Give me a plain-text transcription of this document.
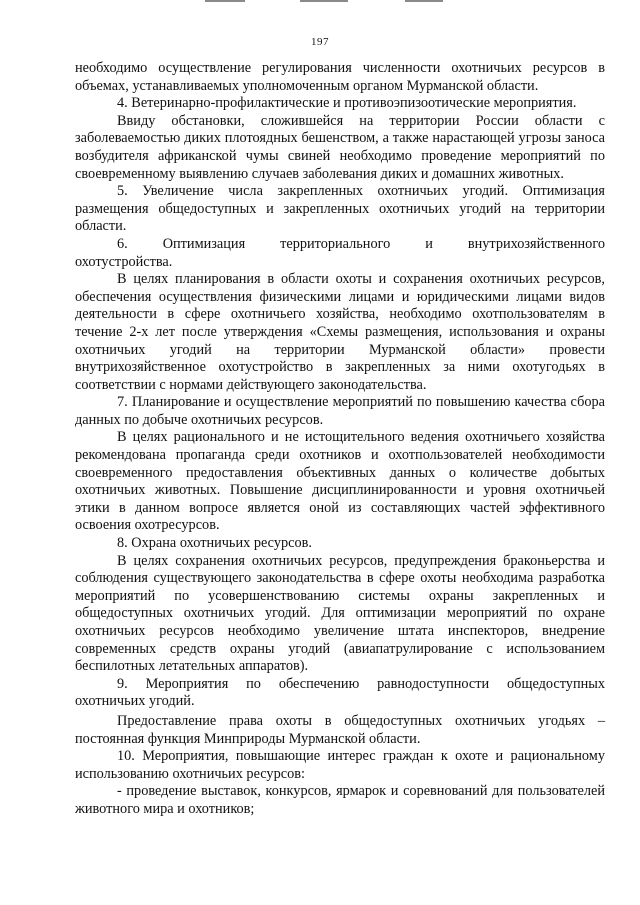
197

необходимо осуществление регулирования численности охотничьих ресурсов в объемах, устанавливаемых уполномоченным органом Мурманской области.

4. Ветеринарно-профилактические и противоэпизоотические мероприятия.

Ввиду обстановки, сложившейся на территории России области с заболеваемостью диких плотоядных бешенством, а также нарастающей угрозы заноса возбудителя африканской чумы свиней необходимо проведение мероприятий по своевременному выявлению случаев заболевания диких и домашних животных.

5. Увеличение числа закрепленных охотничьих угодий. Оптимизация размещения общедоступных и закрепленных охотничьих угодий на территории области.

6. Оптимизация территориального и внутрихозяйственного

охотустройства.

В целях планирования в области охоты и сохранения охотничьих ресурсов, обеспечения осуществления физическими лицами и юридическими лицами видов деятельности в сфере охотничьего хозяйства, необходимо охотпользователям в течение 2-х лет после утверждения «Схемы размещения, использования и охраны охотничьих угодий на территории Мурманской области» провести внутрихозяйственное охотустройство в закрепленных за ними охотугодьях в соответствии с нормами действующего законодательства.

7. Планирование и осуществление мероприятий по повышению качества сбора данных по добыче охотничьих ресурсов.

В целях рационального и не истощительного ведения охотничьего хозяйства рекомендована пропаганда среди охотников и охотпользователей необходимости своевременного предоставления объективных данных о количестве добытых охотничьих животных. Повышение дисциплинированности и уровня охотничьей этики в данном вопросе является оной из составляющих частей эффективного освоения охотресурсов.

8. Охрана охотничьих ресурсов.

В целях сохранения охотничьих ресурсов, предупреждения браконьерства и соблюдения существующего законодательства в сфере охоты необходима разработка мероприятий по усовершенствованию системы охраны закрепленных и общедоступных охотничьих угодий. Для оптимизации мероприятий по охране охотничьих ресурсов необходимо увеличение штата инспекторов, внедрение современных средств охраны угодий (авиапатрулирование с использованием беспилотных летательных аппаратов).

9. Мероприятия по обеспечению равнодоступности общедоступных охотничьих угодий.

Предоставление права охоты в общедоступных охотничьих угодьях – постоянная функция Минприроды Мурманской области.

10. Мероприятия, повышающие интерес граждан к охоте и рациональному использованию охотничьих ресурсов:

- проведение выставок, конкурсов, ярмарок и соревнований для пользователей животного мира и охотников;
